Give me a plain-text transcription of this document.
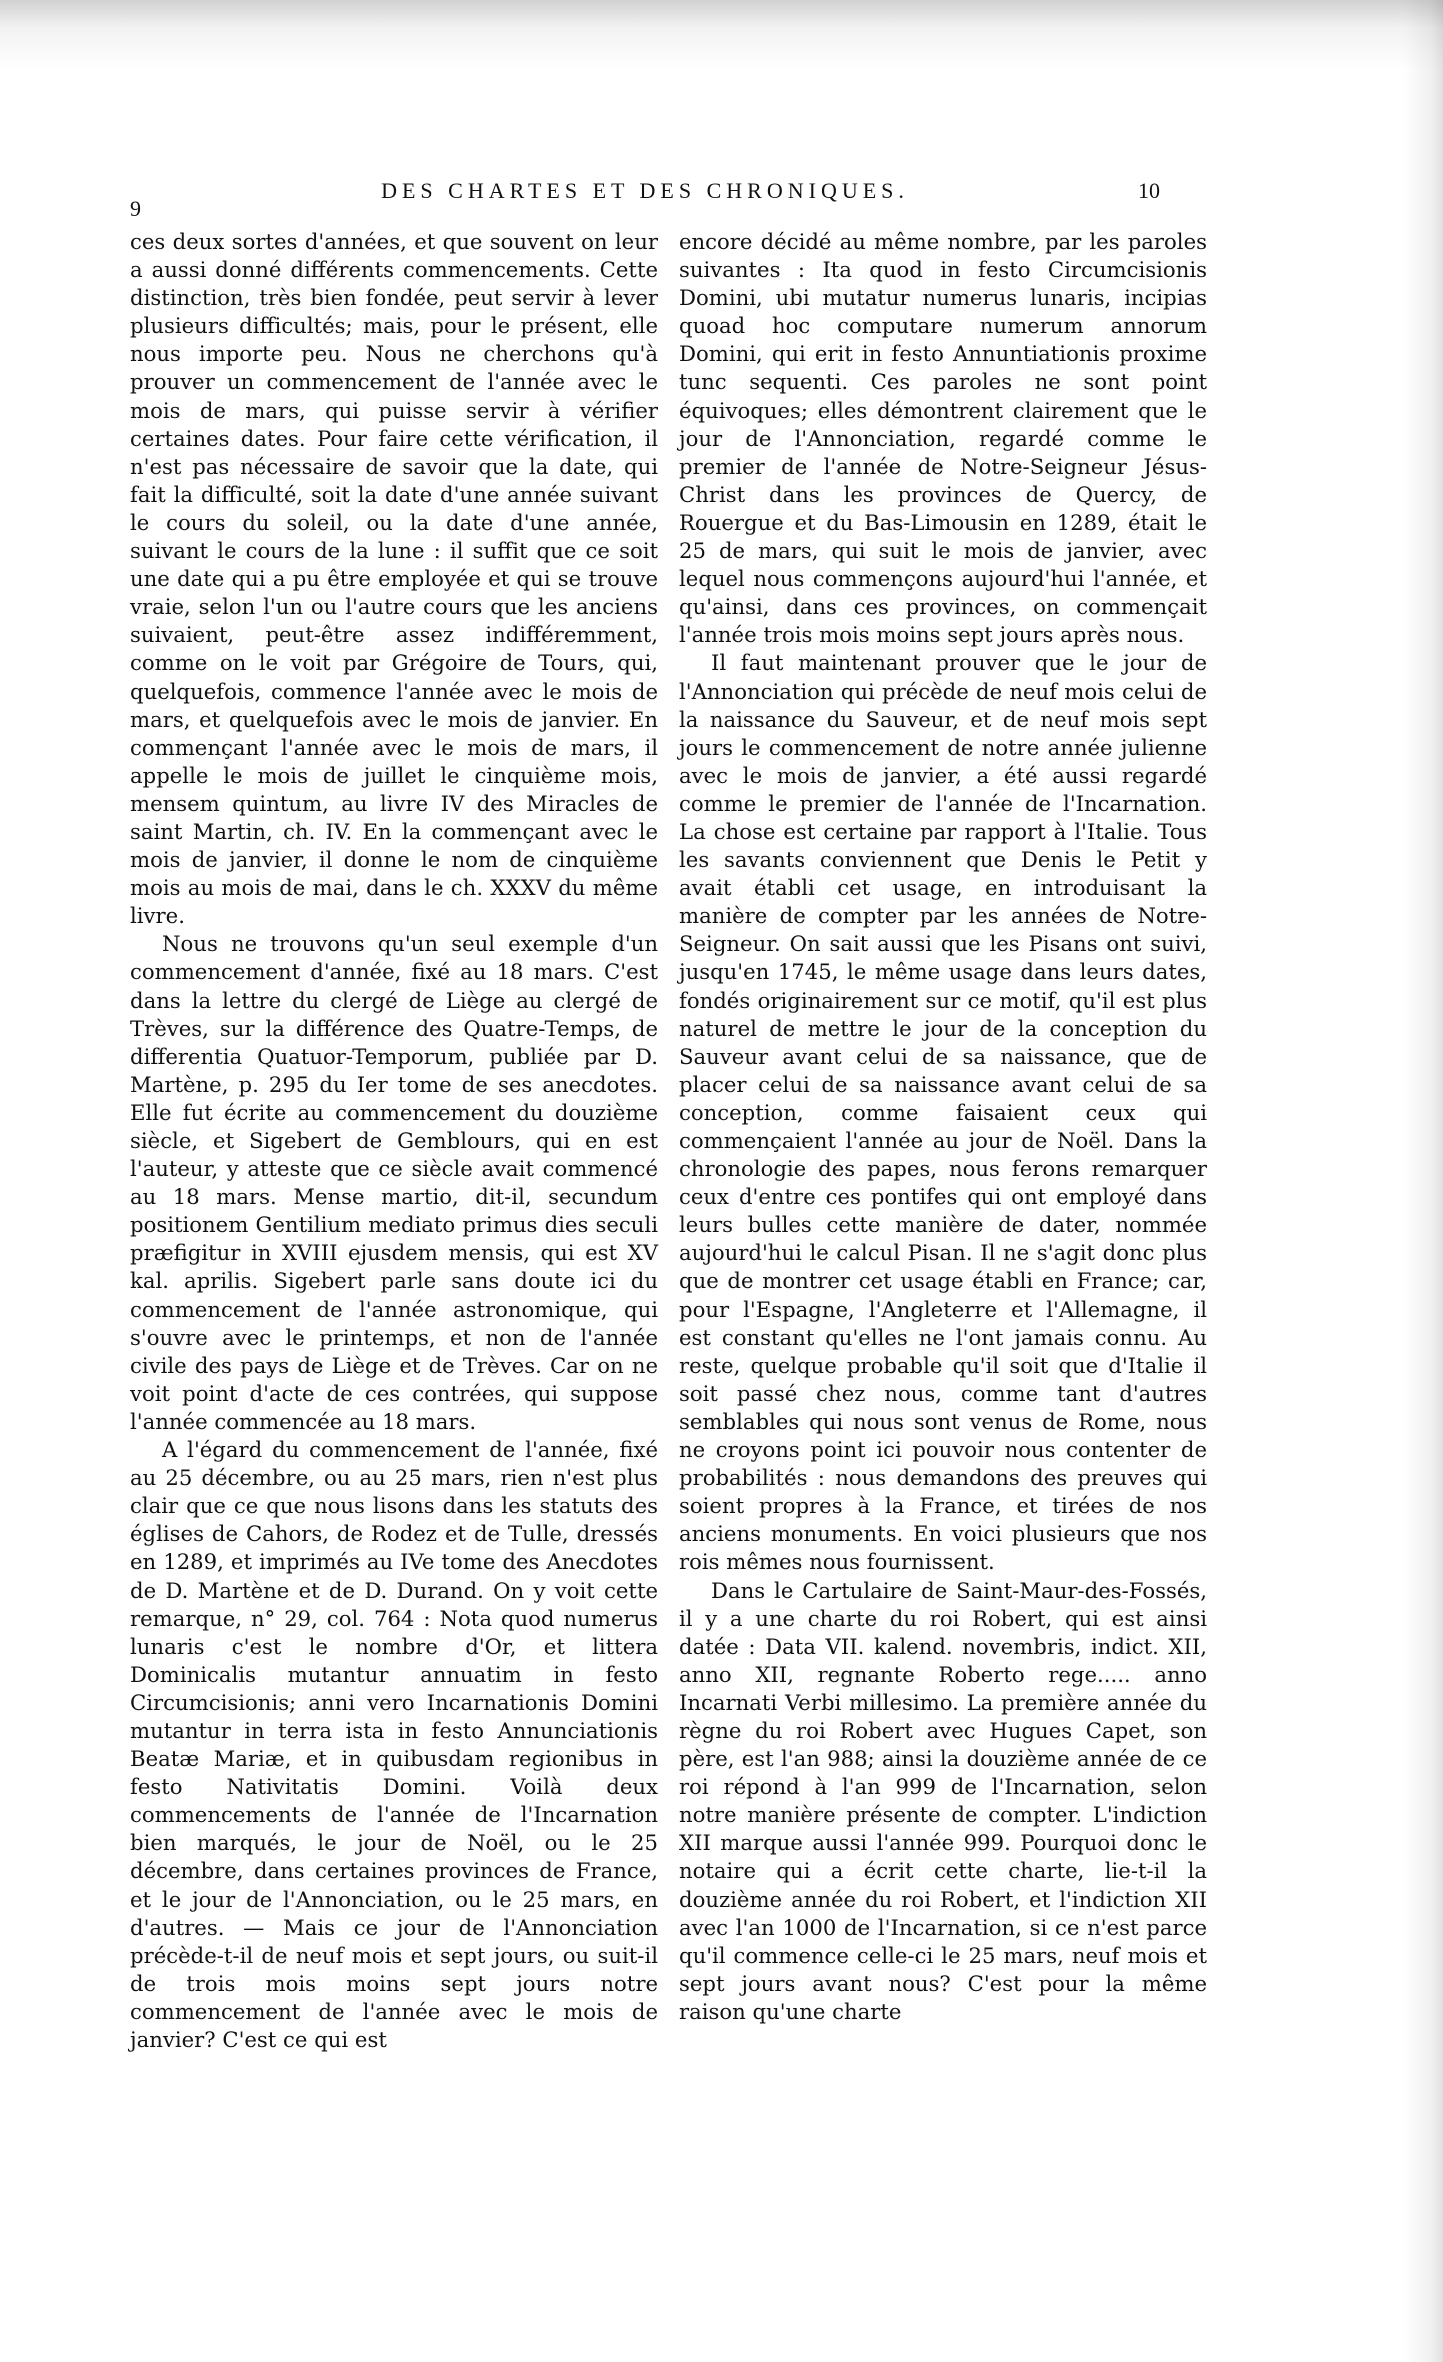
9
DES CHARTES ET DES CHRONIQUES.	10

ces deux sortes d'années, et que souvent on leur a aussi donné différents commencements. Cette distinction, très bien fondée, peut servir à lever plusieurs difficultés; mais, pour le présent, elle nous importe peu. Nous ne cherchons qu'à prouver un commencement de l'année avec le mois de mars, qui puisse servir à vérifier certaines dates. Pour faire cette vérification, il n'est pas nécessaire de savoir que la date, qui fait la difficulté, soit la date d'une année suivant le cours du soleil, ou la date d'une année, suivant le cours de la lune : il suffit que ce soit une date qui a pu être employée et qui se trouve vraie, selon l'un ou l'autre cours que les anciens suivaient, peut-être assez indifféremment, comme on le voit par Grégoire de Tours, qui, quelquefois, commence l'année avec le mois de mars, et quelquefois avec le mois de janvier. En commençant l'année avec le mois de mars, il appelle le mois de juillet le cinquième mois, mensem quintum, au livre IV des Miracles de saint Martin, ch. IV. En la commençant avec le mois de janvier, il donne le nom de cinquième mois au mois de mai, dans le ch. XXXV du même livre.

Nous ne trouvons qu'un seul exemple d'un commencement d'année, fixé au 18 mars. C'est dans la lettre du clergé de Liège au clergé de Trèves, sur la différence des Quatre-Temps, de differentia Quatuor-Temporum, publiée par D. Martène, p. 295 du Ier tome de ses anecdotes. Elle fut écrite au commencement du douzième siècle, et Sigebert de Gemblours, qui en est l'auteur, y atteste que ce siècle avait commencé au 18 mars. Mense martio, dit-il, secundum positionem Gentilium mediato primus dies seculi præfigitur in XVIII ejusdem mensis, qui est XV kal. aprilis. Sigebert parle sans doute ici du commencement de l'année astronomique, qui s'ouvre avec le printemps, et non de l'année civile des pays de Liège et de Trèves. Car on ne voit point d'acte de ces contrées, qui suppose l'année commencée au 18 mars.

A l'égard du commencement de l'année, fixé au 25 décembre, ou au 25 mars, rien n'est plus clair que ce que nous lisons dans les statuts des églises de Cahors, de Rodez et de Tulle, dressés en 1289, et imprimés au IVe tome des Anecdotes de D. Martène et de D. Durand. On y voit cette remarque, n° 29, col. 764 : Nota quod numerus lunaris c'est le nombre d'Or, et littera Dominicalis mutantur annuatim in festo Circumcisionis; anni vero Incarnationis Domini mutantur in terra ista in festo Annunciationis Beatæ Mariæ, et in quibusdam regionibus in festo Nativitatis Domini. Voilà deux commencements de l'année de l'Incarnation bien marqués, le jour de Noël, ou le 25 décembre, dans certaines provinces de France, et le jour de l'Annonciation, ou le 25 mars, en d'autres. — Mais ce jour de l'Annonciation précède-t-il de neuf mois et sept jours, ou suit-il de trois mois moins sept jours notre commencement de l'année avec le mois de janvier? C'est ce qui est

encore décidé au même nombre, par les paroles suivantes : Ita quod in festo Circumcisionis Domini, ubi mutatur numerus lunaris, incipias quoad hoc computare numerum annorum Domini, qui erit in festo Annuntiationis proxime tunc sequenti. Ces paroles ne sont point équivoques; elles démontrent clairement que le jour de l'Annonciation, regardé comme le premier de l'année de Notre-Seigneur Jésus-Christ dans les provinces de Quercy, de Rouergue et du Bas-Limousin en 1289, était le 25 de mars, qui suit le mois de janvier, avec lequel nous commençons aujourd'hui l'année, et qu'ainsi, dans ces provinces, on commençait l'année trois mois moins sept jours après nous.

Il faut maintenant prouver que le jour de l'Annonciation qui précède de neuf mois celui de la naissance du Sauveur, et de neuf mois sept jours le commencement de notre année julienne avec le mois de janvier, a été aussi regardé comme le premier de l'année de l'Incarnation. La chose est certaine par rapport à l'Italie. Tous les savants conviennent que Denis le Petit y avait établi cet usage, en introduisant la manière de compter par les années de Notre-Seigneur. On sait aussi que les Pisans ont suivi, jusqu'en 1745, le même usage dans leurs dates, fondés originairement sur ce motif, qu'il est plus naturel de mettre le jour de la conception du Sauveur avant celui de sa naissance, que de placer celui de sa naissance avant celui de sa conception, comme faisaient ceux qui commençaient l'année au jour de Noël. Dans la chronologie des papes, nous ferons remarquer ceux d'entre ces pontifes qui ont employé dans leurs bulles cette manière de dater, nommée aujourd'hui le calcul Pisan. Il ne s'agit donc plus que de montrer cet usage établi en France; car, pour l'Espagne, l'Angleterre et l'Allemagne, il est constant qu'elles ne l'ont jamais connu. Au reste, quelque probable qu'il soit que d'Italie il soit passé chez nous, comme tant d'autres semblables qui nous sont venus de Rome, nous ne croyons point ici pouvoir nous contenter de probabilités : nous demandons des preuves qui soient propres à la France, et tirées de nos anciens monuments. En voici plusieurs que nos rois mêmes nous fournissent.

Dans le Cartulaire de Saint-Maur-des-Fossés, il y a une charte du roi Robert, qui est ainsi datée : Data VII. kalend. novembris, indict. XII, anno XII, regnante Roberto rege..... anno Incarnati Verbi millesimo. La première année du règne du roi Robert avec Hugues Capet, son père, est l'an 988; ainsi la douzième année de ce roi répond à l'an 999 de l'Incarnation, selon notre manière présente de compter. L'indiction XII marque aussi l'année 999. Pourquoi donc le notaire qui a écrit cette charte, lie-t-il la douzième année du roi Robert, et l'indiction XII avec l'an 1000 de l'Incarnation, si ce n'est parce qu'il commence celle-ci le 25 mars, neuf mois et sept jours avant nous? C'est pour la même raison qu'une charte
